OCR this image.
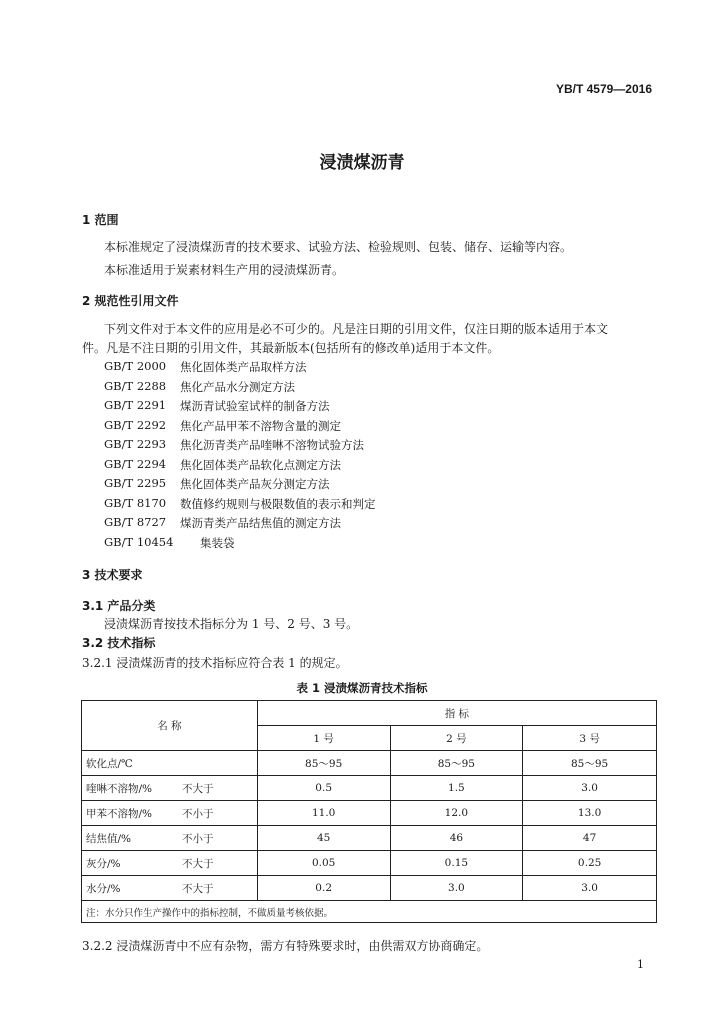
YB/T 4579—2016
浸渍煤沥青
1 范围
本标准规定了浸渍煤沥青的技术要求、试验方法、检验规则、包装、储存、运输等内容。
本标准适用于炭素材料生产用的浸渍煤沥青。
2 规范性引用文件
下列文件对于本文件的应用是必不可少的。凡是注日期的引用文件，仅注日期的版本适用于本文
件。凡是不注日期的引用文件，其最新版本(包括所有的修改单)适用于本文件。
GB/T 2000 焦化固体类产品取样方法
GB/T 2288 焦化产品水分测定方法
GB/T 2291 煤沥青试验室试样的制备方法
GB/T 2292 焦化产品甲苯不溶物含量的测定
GB/T 2293 焦化沥青类产品喹啉不溶物试验方法
GB/T 2294 焦化固体类产品软化点测定方法
GB/T 2295 焦化固体类产品灰分测定方法
GB/T 8170 数值修约规则与极限数值的表示和判定
GB/T 8727 煤沥青类产品结焦值的测定方法
GB/T 10454 集装袋
3 技术要求
3.1 产品分类
浸渍煤沥青按技术指标分为 1 号、2 号、3 号。
3.2 技术指标
3.2.1 浸渍煤沥青的技术指标应符合表 1 的规定。
表 1 浸渍煤沥青技术指标
名 称	指 标		
	1 号	2 号	3 号
软化点/℃	85～95	85～95	85～95
喹啉不溶物/% 不大于	0.5	1.5	3.0
甲苯不溶物/% 不小于	11.0	12.0	13.0
结焦值/% 不小于	45	46	47
灰分/% 不大于	0.05	0.15	0.25
水分/% 不大于	0.2	3.0	3.0
注：水分只作生产操作中的指标控制，不做质量考核依据。			
3.2.2 浸渍煤沥青中不应有杂物，需方有特殊要求时，由供需双方协商确定。
1
